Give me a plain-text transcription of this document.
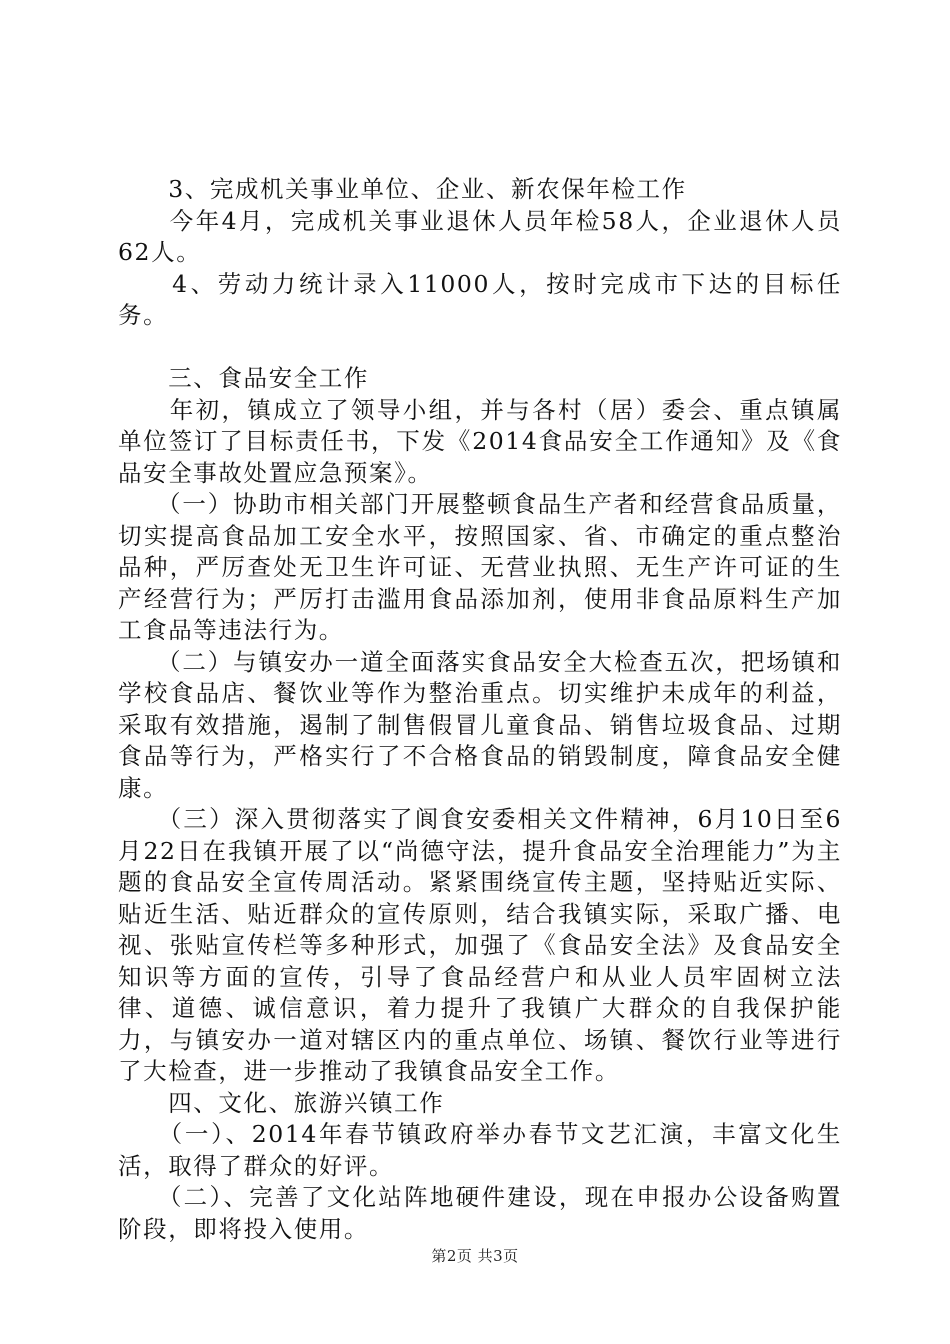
　　3、完成机关事业单位、企业、新农保年检工作

　　今年4月，完成机关事业退休人员年检58人，企业退休人员62人。

　　4、劳动力统计录入11000人，按时完成市下达的目标任务。

　　三、食品安全工作

　　年初，镇成立了领导小组，并与各村（居）委会、重点镇属单位签订了目标责任书，下发《2014食品安全工作通知》及《食品安全事故处置应急预案》。

　　（一）协助市相关部门开展整顿食品生产者和经营食品质量，切实提高食品加工安全水平，按照国家、省、市确定的重点整治品种，严厉查处无卫生许可证、无营业执照、无生产许可证的生产经营行为；严厉打击滥用食品添加剂，使用非食品原料生产加工食品等违法行为。

　　（二）与镇安办一道全面落实食品安全大检查五次，把场镇和学校食品店、餐饮业等作为整治重点。切实维护未成年的利益，采取有效措施，遏制了制售假冒儿童食品、销售垃圾食品、过期食品等行为，严格实行了不合格食品的销毁制度，障食品安全健康。

　　（三）深入贯彻落实了阆食安委相关文件精神，6月10日至6月22日在我镇开展了以“尚德守法，提升食品安全治理能力”为主题的食品安全宣传周活动。紧紧围绕宣传主题，坚持贴近实际、贴近生活、贴近群众的宣传原则，结合我镇实际，采取广播、电视、张贴宣传栏等多种形式，加强了《食品安全法》及食品安全知识等方面的宣传，引导了食品经营户和从业人员牢固树立法律、道德、诚信意识，着力提升了我镇广大群众的自我保护能力，与镇安办一道对辖区内的重点单位、场镇、餐饮行业等进行了大检查，进一步推动了我镇食品安全工作。

　　四、文化、旅游兴镇工作

　　（一）、2014年春节镇政府举办春节文艺汇演，丰富文化生活，取得了群众的好评。

　　（二）、完善了文化站阵地硬件建设，现在申报办公设备购置阶段，即将投入使用。

第2页 共3页
